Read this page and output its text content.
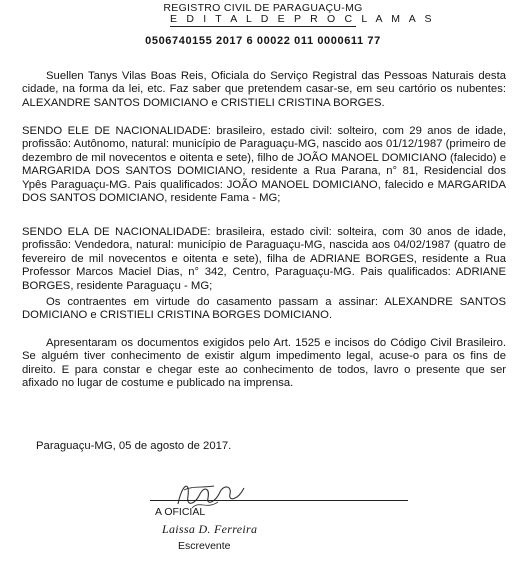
REGISTRO CIVIL DE PARAGUAÇU-MG
E D I T A L D E P R O C L A M A S
0506740155 2017 6 00022 011 0000611 77
Suellen Tanys Vilas Boas Reis, Oficiala do Serviço Registral das Pessoas Naturais desta cidade, na forma da lei, etc. Faz saber que pretendem casar-se, em seu cartório os nubentes: ALEXANDRE SANTOS DOMICIANO e CRISTIELI CRISTINA BORGES.
SENDO ELE DE NACIONALIDADE: brasileiro, estado civil: solteiro, com 29 anos de idade, profissão: Autônomo, natural: município de Paraguaçu-MG, nascido aos 01/12/1987 (primeiro de dezembro de mil novecentos e oitenta e sete), filho de JOÃO MANOEL DOMICIANO (falecido) e MARGARIDA DOS SANTOS DOMICIANO, residente a Rua Parana, n° 81, Residencial dos Ypês Paraguaçu-MG. Pais qualificados: JOÃO MANOEL DOMICIANO, falecido e MARGARIDA DOS SANTOS DOMICIANO, residente Fama - MG;
SENDO ELA DE NACIONALIDADE: brasileira, estado civil: solteira, com 30 anos de idade, profissão: Vendedora, natural: município de Paraguaçu-MG, nascida aos 04/02/1987 (quatro de fevereiro de mil novecentos e oitenta e sete), filha de ADRIANE BORGES, residente a Rua Professor Marcos Maciel Dias, n° 342, Centro, Paraguaçu-MG. Pais qualificados: ADRIANE BORGES, residente Paraguaçu - MG;
Os contraentes em virtude do casamento passam a assinar: ALEXANDRE SANTOS DOMICIANO e CRISTIELI CRISTINA BORGES DOMICIANO.
Apresentaram os documentos exigidos pelo Art. 1525 e incisos do Código Civil Brasileiro. Se alguém tiver conhecimento de existir algum impedimento legal, acuse-o para os fins de direito. E para constar e chegar este ao conhecimento de todos, lavro o presente que ser afixado no lugar de costume e publicado na imprensa.
Paraguaçu-MG, 05 de agosto de 2017.
A OFICIAL
Laissa D. Ferreira
Escrevente
